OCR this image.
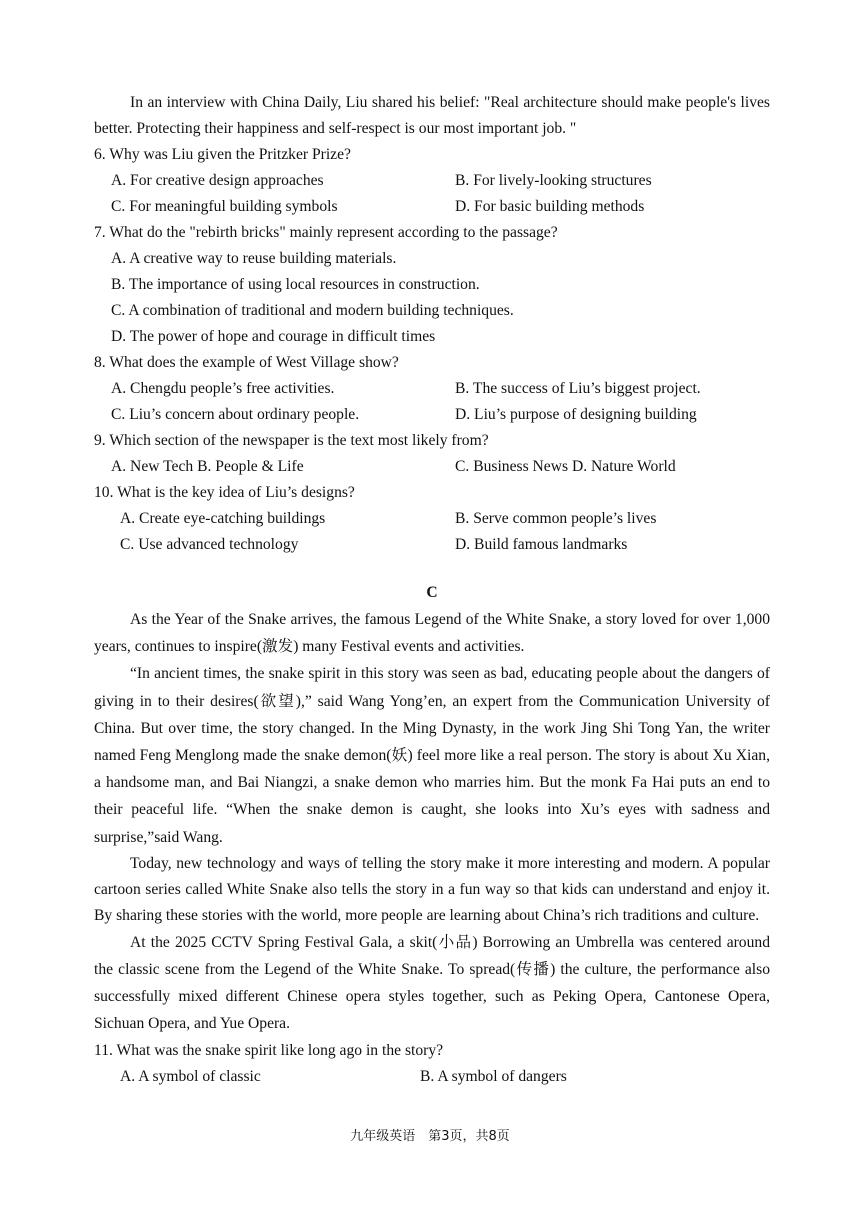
In an interview with China Daily, Liu shared his belief: "Real architecture should make people's lives better. Protecting their happiness and self-respect is our most important job. "

6. Why was Liu given the Pritzker Prize?

A. For creative design approaches	B. For lively-looking structures
C. For meaningful building symbols	D. For basic building methods

7. What do the "rebirth bricks" mainly represent according to the passage?

A. A creative way to reuse building materials.

B. The importance of using local resources in construction.

C. A combination of traditional and modern building techniques.

D. The power of hope and courage in difficult times

8. What does the example of West Village show?

A. Chengdu people’s free activities.	B. The success of Liu’s biggest project.
C. Liu’s concern about ordinary people.	D. Liu’s purpose of designing building

9. Which section of the newspaper is the text most likely from?

A. New Tech B. People & Life	C. Business News D. Nature World

10. What is the key idea of Liu’s designs?

A. Create eye-catching buildings	B. Serve common people’s lives
C. Use advanced technology	D. Build famous landmarks

C

As the Year of the Snake arrives, the famous Legend of the White Snake, a story loved for over 1,000 years, continues to inspire(激发) many Festival events and activities.

“In ancient times, the snake spirit in this story was seen as bad, educating people about the dangers of giving in to their desires(欲望),” said Wang Yong’en, an expert from the Communication University of China. But over time, the story changed. In the Ming Dynasty, in the work Jing Shi Tong Yan, the writer named Feng Menglong made the snake demon(妖) feel more like a real person. The story is about Xu Xian, a handsome man, and Bai Niangzi, a snake demon who marries him. But the monk Fa Hai puts an end to their peaceful life. “When the snake demon is caught, she looks into Xu’s eyes with sadness and surprise,”said Wang.

Today, new technology and ways of telling the story make it more interesting and modern. A popular cartoon series called White Snake also tells the story in a fun way so that kids can understand and enjoy it. By sharing these stories with the world, more people are learning about China’s rich traditions and culture.

At the 2025 CCTV Spring Festival Gala, a skit(小品) Borrowing an Umbrella was centered around the classic scene from the Legend of the White Snake. To spread(传播) the culture, the performance also successfully mixed different Chinese opera styles together, such as Peking Opera, Cantonese Opera, Sichuan Opera, and Yue Opera.

11. What was the snake spirit like long ago in the story?

A. A symbol of classic	B. A symbol of dangers
九年级英语　第3页，共8页
